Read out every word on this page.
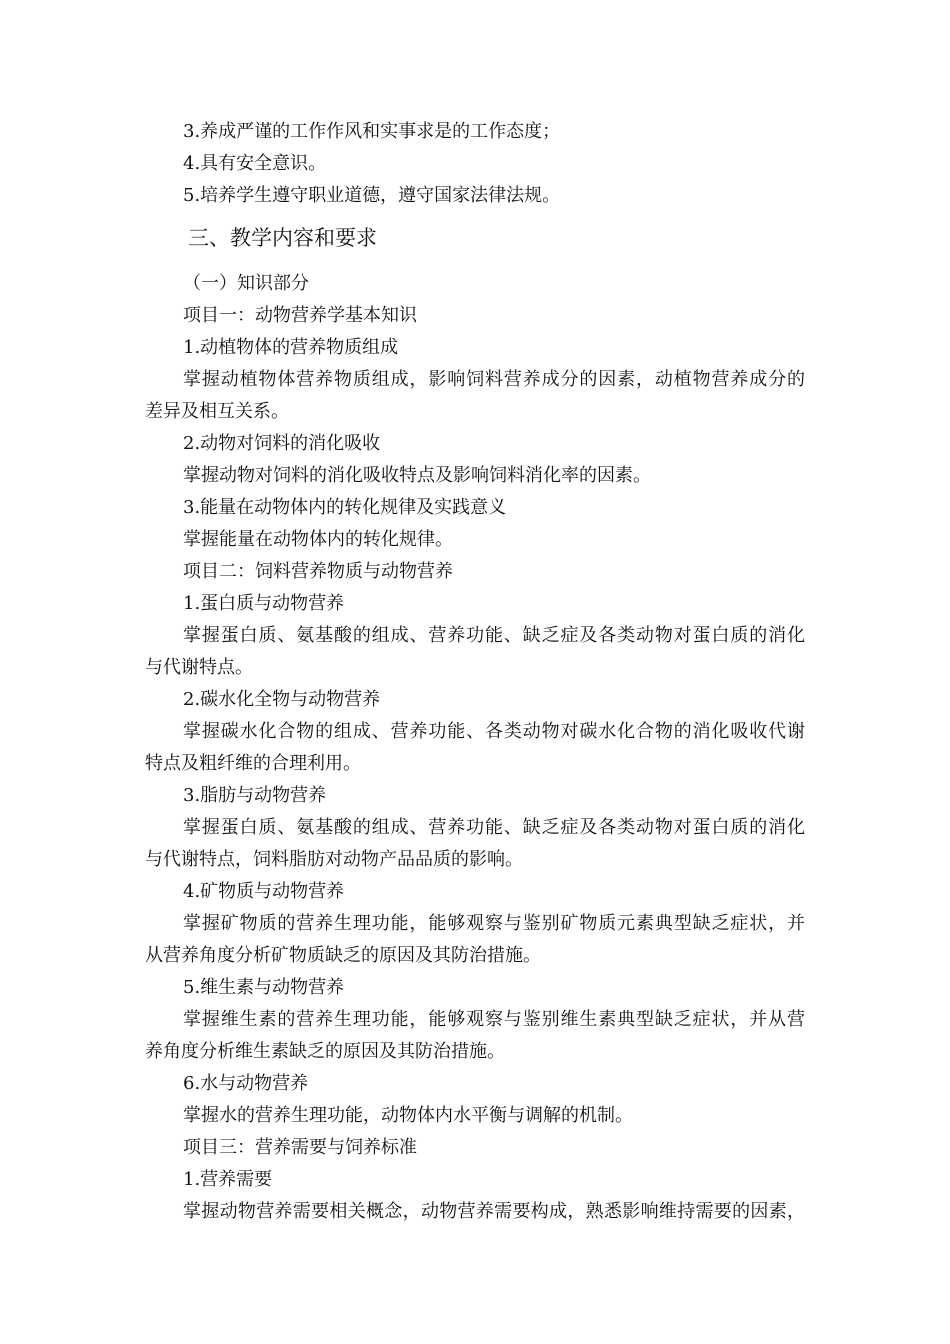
3.养成严谨的工作作风和实事求是的工作态度；
4.具有安全意识。
5.培养学生遵守职业道德，遵守国家法律法规。
三、教学内容和要求
（一）知识部分
项目一：动物营养学基本知识
1.动植物体的营养物质组成
掌握动植物体营养物质组成，影响饲料营养成分的因素，动植物营养成分的
差异及相互关系。
2.动物对饲料的消化吸收
掌握动物对饲料的消化吸收特点及影响饲料消化率的因素。
3.能量在动物体内的转化规律及实践意义
掌握能量在动物体内的转化规律。
项目二：饲料营养物质与动物营养
1.蛋白质与动物营养
掌握蛋白质、氨基酸的组成、营养功能、缺乏症及各类动物对蛋白质的消化
与代谢特点。
2.碳水化全物与动物营养
掌握碳水化合物的组成、营养功能、各类动物对碳水化合物的消化吸收代谢
特点及粗纤维的合理利用。
3.脂肪与动物营养
掌握蛋白质、氨基酸的组成、营养功能、缺乏症及各类动物对蛋白质的消化
与代谢特点，饲料脂肪对动物产品品质的影响。
4.矿物质与动物营养
掌握矿物质的营养生理功能，能够观察与鉴别矿物质元素典型缺乏症状，并
从营养角度分析矿物质缺乏的原因及其防治措施。
5.维生素与动物营养
掌握维生素的营养生理功能，能够观察与鉴别维生素典型缺乏症状，并从营
养角度分析维生素缺乏的原因及其防治措施。
6.水与动物营养
掌握水的营养生理功能，动物体内水平衡与调解的机制。
项目三：营养需要与饲养标准
1.营养需要
掌握动物营养需要相关概念，动物营养需要构成，熟悉影响维持需要的因素，
